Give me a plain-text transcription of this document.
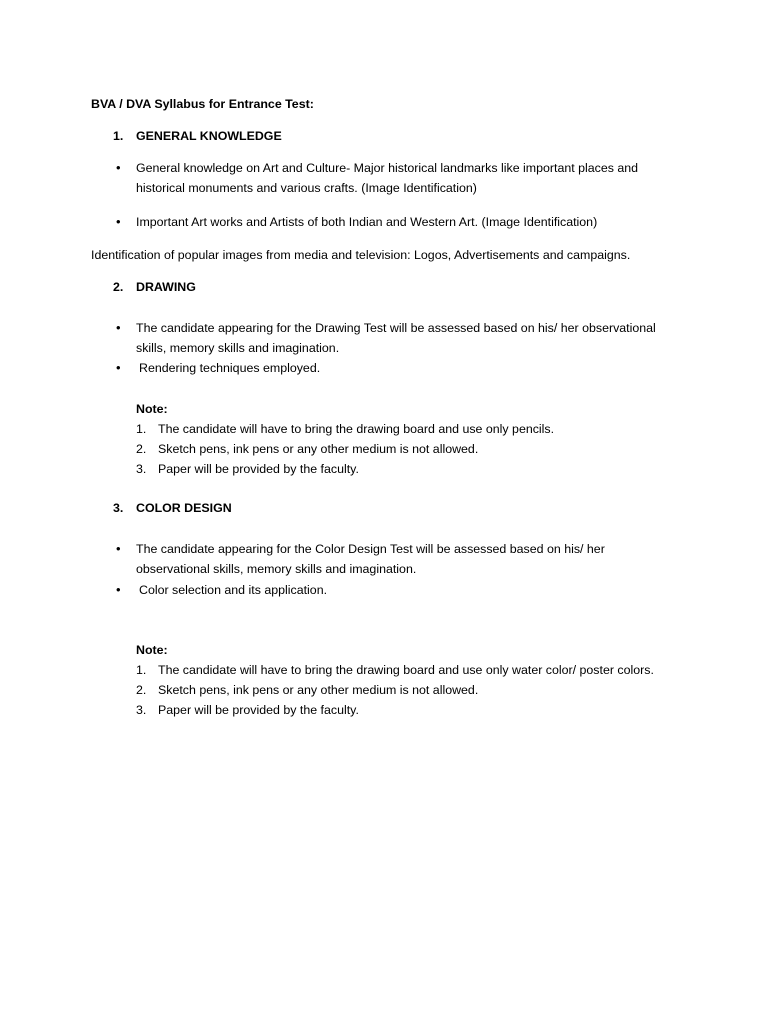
BVA / DVA Syllabus for Entrance Test:
1. GENERAL KNOWLEDGE
• General knowledge on Art and Culture- Major historical landmarks like important places and
historical monuments and various crafts. (Image Identification)
• Important Art works and Artists of both Indian and Western Art. (Image Identification)
Identification of popular images from media and television: Logos, Advertisements and campaigns.
2. DRAWING
• The candidate appearing for the Drawing Test will be assessed based on his/ her observational
skills, memory skills and imagination.
• Rendering techniques employed.
Note:
1. The candidate will have to bring the drawing board and use only pencils.
2. Sketch pens, ink pens or any other medium is not allowed.
3. Paper will be provided by the faculty.
3. COLOR DESIGN
• The candidate appearing for the Color Design Test will be assessed based on his/ her
observational skills, memory skills and imagination.
• Color selection and its application.
Note:
1. The candidate will have to bring the drawing board and use only water color/ poster colors.
2. Sketch pens, ink pens or any other medium is not allowed.
3. Paper will be provided by the faculty.
